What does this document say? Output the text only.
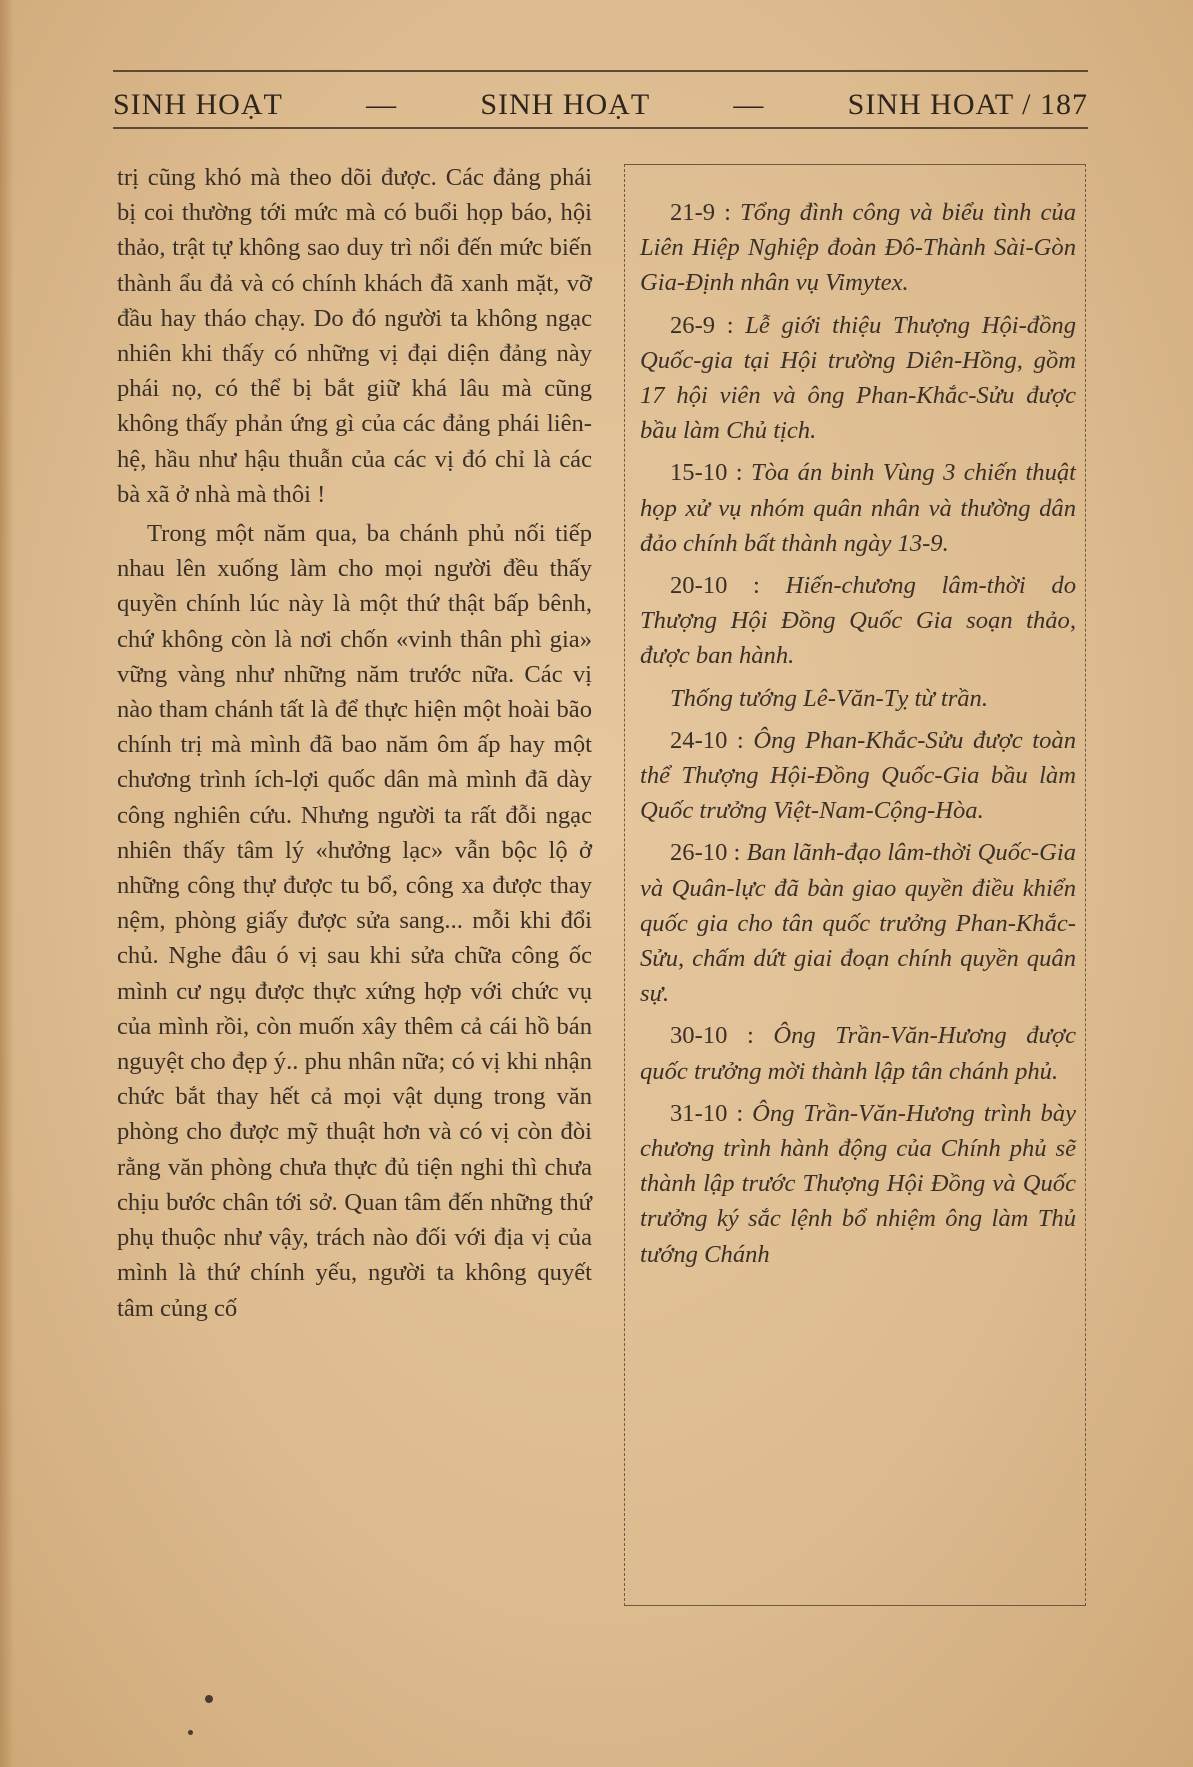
SINH HOẠT	—	SINH HOẠT	—	SINH HOAT / 187

trị cũng khó mà theo dõi được. Các đảng phái bị coi thường tới mức mà có buổi họp báo, hội thảo, trật tự không sao duy trì nổi đến mức biến thành ẩu đả và có chính khách đã xanh mặt, vỡ đầu hay tháo chạy. Do đó người ta không ngạc nhiên khi thấy có những vị đại diện đảng này phái nọ, có thể bị bắt giữ khá lâu mà cũng không thấy phản ứng gì của các đảng phái liên-hệ, hầu như hậu thuẫn của các vị đó chỉ là các bà xã ở nhà mà thôi !

Trong một năm qua, ba chánh phủ nối tiếp nhau lên xuống làm cho mọi người đều thấy quyền chính lúc này là một thứ thật bấp bênh, chứ không còn là nơi chốn «vinh thân phì gia» vững vàng như những năm trước nữa. Các vị nào tham chánh tất là để thực hiện một hoài bão chính trị mà mình đã bao năm ôm ấp hay một chương trình ích-lợi quốc dân mà mình đã dày công nghiên cứu. Nhưng người ta rất đỗi ngạc nhiên thấy tâm lý «hưởng lạc» vẫn bộc lộ ở những công thự được tu bổ, công xa được thay nệm, phòng giấy được sửa sang... mỗi khi đổi chủ. Nghe đâu ó vị sau khi sửa chữa công ốc mình cư ngụ được thực xứng hợp với chức vụ của mình rồi, còn muốn xây thêm cả cái hồ bán nguyệt cho đẹp ý.. phu nhân nữa; có vị khi nhận chức bắt thay hết cả mọi vật dụng trong văn phòng cho được mỹ thuật hơn và có vị còn đòi rằng văn phòng chưa thực đủ tiện nghi thì chưa chịu bước chân tới sở. Quan tâm đến những thứ phụ thuộc như vậy, trách nào đối với địa vị của mình là thứ chính yếu, người ta không quyết tâm củng cố

21-9 : Tổng đình công và biểu tình của Liên Hiệp Nghiệp đoàn Đô-Thành Sài-Gòn Gia-Định nhân vụ Vimytex.

26-9 : Lễ giới thiệu Thượng Hội-đồng Quốc-gia tại Hội trường Diên-Hồng, gồm 17 hội viên và ông Phan-Khắc-Sửu được bầu làm Chủ tịch.

15-10 : Tòa án binh Vùng 3 chiến thuật họp xử vụ nhóm quân nhân và thường dân đảo chính bất thành ngày 13-9.

20-10 : Hiến-chương lâm-thời do Thượng Hội Đồng Quốc Gia soạn thảo, được ban hành.

Thống tướng Lê-Văn-Tỵ từ trần.

24-10 : Ông Phan-Khắc-Sửu được toàn thể Thượng Hội-Đồng Quốc-Gia bầu làm Quốc trưởng Việt-Nam-Cộng-Hòa.

26-10 : Ban lãnh-đạo lâm-thời Quốc-Gia và Quân-lực đã bàn giao quyền điều khiển quốc gia cho tân quốc trưởng Phan-Khắc-Sửu, chấm dứt giai đoạn chính quyền quân sự.

30-10 : Ông Trần-Văn-Hương được quốc trưởng mời thành lập tân chánh phủ.

31-10 : Ông Trần-Văn-Hương trình bày chương trình hành động của Chính phủ sẽ thành lập trước Thượng Hội Đồng và Quốc trưởng ký sắc lệnh bổ nhiệm ông làm Thủ tướng Chánh
